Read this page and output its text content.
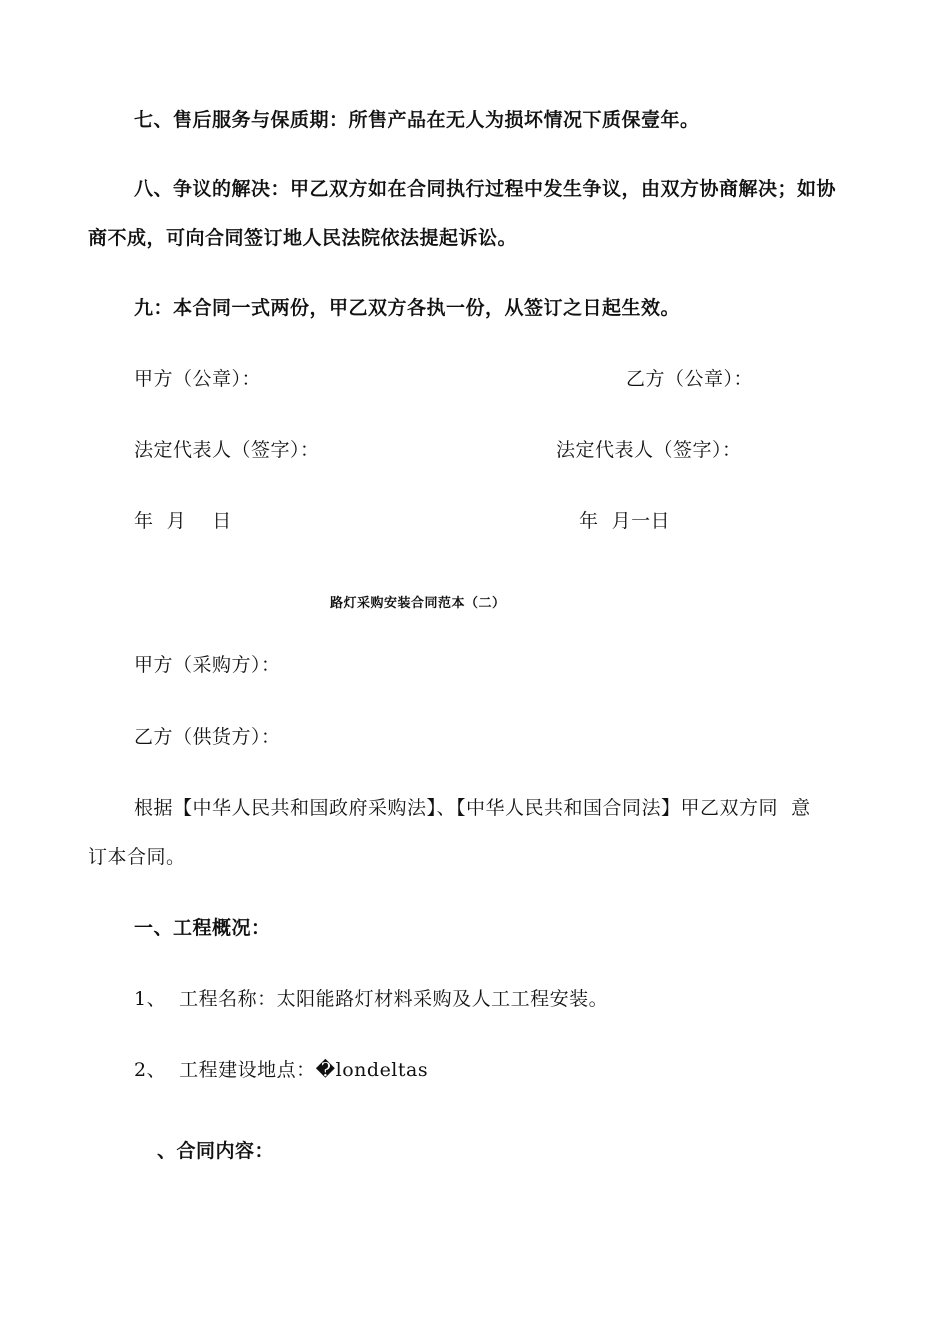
七、售后服务与保质期：所售产品在无人为损坏情况下质保壹年。
八、争议的解决：甲乙双方如在合同执行过程中发生争议，由双方协商解决；如协
商不成，可向合同签订地人民法院依法提起诉讼。
九：本合同一式两份，甲乙双方各执一份，从签订之日起生效。
甲方（公章）：	乙方（公章）：
法定代表人（签字）：	法定代表人（签字）：
年  月    日	年  月一日
路灯采购安装合同范本（二）
甲方（采购方）：
乙方（供货方）：
根据【中华人民共和国政府采购法】、【中华人民共和国合同法】甲乙双方同  意
订本合同。
一、工程概况：
1、  工程名称：太阳能路灯材料采购及人工工程安装。
2、  工程建设地点：�londeltas
、合同内容：
